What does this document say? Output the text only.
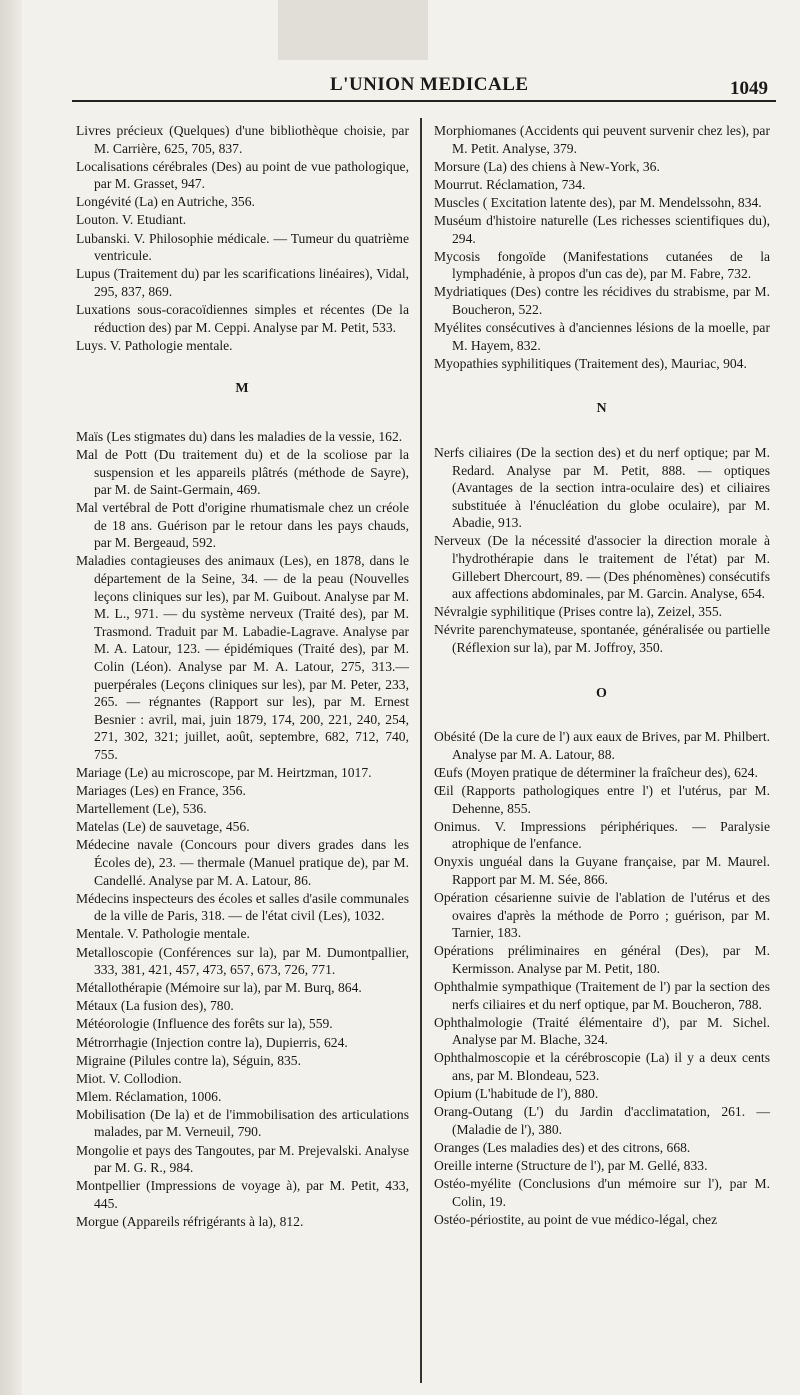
L'UNION MEDICALE	1049

Livres précieux (Quelques) d'une bibliothèque choisie, par M. Carrière, 625, 705, 837.

Localisations cérébrales (Des) au point de vue pathologique, par M. Grasset, 947.

Longévité (La) en Autriche, 356.

Louton. V. Etudiant.

Lubanski. V. Philosophie médicale. — Tumeur du quatrième ventricule.

Lupus (Traitement du) par les scarifications linéaires), Vidal, 295, 837, 869.

Luxations sous-coracoïdiennes simples et récentes (De la réduction des) par M. Ceppi. Analyse par M. Petit, 533.

Luys. V. Pathologie mentale.

M

Maïs (Les stigmates du) dans les maladies de la vessie, 162.

Mal de Pott (Du traitement du) et de la scoliose par la suspension et les appareils plâtrés (méthode de Sayre), par M. de Saint-Germain, 469.

Mal vertébral de Pott d'origine rhumatismale chez un créole de 18 ans. Guérison par le retour dans les pays chauds, par M. Bergeaud, 592.

Maladies contagieuses des animaux (Les), en 1878, dans le département de la Seine, 34. — de la peau (Nouvelles leçons cliniques sur les), par M. Guibout. Analyse par M. M. L., 971. — du système nerveux (Traité des), par M. Trasmond. Traduit par M. Labadie-Lagrave. Analyse par M. A. Latour, 123. — épidémiques (Traité des), par M. Colin (Léon). Analyse par M. A. Latour, 275, 313.— puerpérales (Leçons cliniques sur les), par M. Peter, 233, 265. — régnantes (Rapport sur les), par M. Ernest Besnier : avril, mai, juin 1879, 174, 200, 221, 240, 254, 271, 302, 321; juillet, août, septembre, 682, 712, 740, 755.

Mariage (Le) au microscope, par M. Heirtzman, 1017.

Mariages (Les) en France, 356.

Martellement (Le), 536.

Matelas (Le) de sauvetage, 456.

Médecine navale (Concours pour divers grades dans les Écoles de), 23. — thermale (Manuel pratique de), par M. Candellé. Analyse par M. A. Latour, 86.

Médecins inspecteurs des écoles et salles d'asile communales de la ville de Paris, 318. — de l'état civil (Les), 1032.

Mentale. V. Pathologie mentale.

Metalloscopie (Conférences sur la), par M. Dumontpallier, 333, 381, 421, 457, 473, 657, 673, 726, 771.

Métallothérapie (Mémoire sur la), par M. Burq, 864.

Métaux (La fusion des), 780.

Météorologie (Influence des forêts sur la), 559.

Métrorrhagie (Injection contre la), Dupierris, 624.

Migraine (Pilules contre la), Séguin, 835.

Miot. V. Collodion.

Mlem. Réclamation, 1006.

Mobilisation (De la) et de l'immobilisation des articulations malades, par M. Verneuil, 790.

Mongolie et pays des Tangoutes, par M. Prejevalski. Analyse par M. G. R., 984.

Montpellier (Impressions de voyage à), par M. Petit, 433, 445.

Morgue (Appareils réfrigérants à la), 812.

Morphiomanes (Accidents qui peuvent survenir chez les), par M. Petit. Analyse, 379.

Morsure (La) des chiens à New-York, 36.

Mourrut. Réclamation, 734.

Muscles ( Excitation latente des), par M. Mendelssohn, 834.

Muséum d'histoire naturelle (Les richesses scientifiques du), 294.

Mycosis fongoïde (Manifestations cutanées de la lymphadénie, à propos d'un cas de), par M. Fabre, 732.

Mydriatiques (Des) contre les récidives du strabisme, par M. Boucheron, 522.

Myélites consécutives à d'anciennes lésions de la moelle, par M. Hayem, 832.

Myopathies syphilitiques (Traitement des), Mauriac, 904.

N

Nerfs ciliaires (De la section des) et du nerf optique; par M. Redard. Analyse par M. Petit, 888. — optiques (Avantages de la section intra-oculaire des) et ciliaires substituée à l'énucléation du globe oculaire), par M. Abadie, 913.

Nerveux (De la nécessité d'associer la direction morale à l'hydrothérapie dans le traitement de l'état) par M. Gillebert Dhercourt, 89. — (Des phénomènes) consécutifs aux affections abdominales, par M. Garcin. Analyse, 654.

Névralgie syphilitique (Prises contre la), Zeizel, 355.

Névrite parenchymateuse, spontanée, généralisée ou partielle (Réflexion sur la), par M. Joffroy, 350.

O

Obésité (De la cure de l') aux eaux de Brives, par M. Philbert. Analyse par M. A. Latour, 88.

Œufs (Moyen pratique de déterminer la fraîcheur des), 624.

Œil (Rapports pathologiques entre l') et l'utérus, par M. Dehenne, 855.

Onimus. V. Impressions périphériques. — Paralysie atrophique de l'enfance.

Onyxis unguéal dans la Guyane française, par M. Maurel. Rapport par M. M. Sée, 866.

Opération césarienne suivie de l'ablation de l'utérus et des ovaires d'après la méthode de Porro ; guérison, par M. Tarnier, 183.

Opérations préliminaires en général (Des), par M. Kermisson. Analyse par M. Petit, 180.

Ophthalmie sympathique (Traitement de l') par la section des nerfs ciliaires et du nerf optique, par M. Boucheron, 788.

Ophthalmologie (Traité élémentaire d'), par M. Sichel. Analyse par M. Blache, 324.

Ophthalmoscopie et la cérébroscopie (La) il y a deux cents ans, par M. Blondeau, 523.

Opium (L'habitude de l'), 880.

Orang-Outang (L') du Jardin d'acclimatation, 261. — (Maladie de l'), 380.

Oranges (Les maladies des) et des citrons, 668.

Oreille interne (Structure de l'), par M. Gellé, 833.

Ostéo-myélite (Conclusions d'un mémoire sur l'), par M. Colin, 19.

Ostéo-périostite, au point de vue médico-légal, chez
